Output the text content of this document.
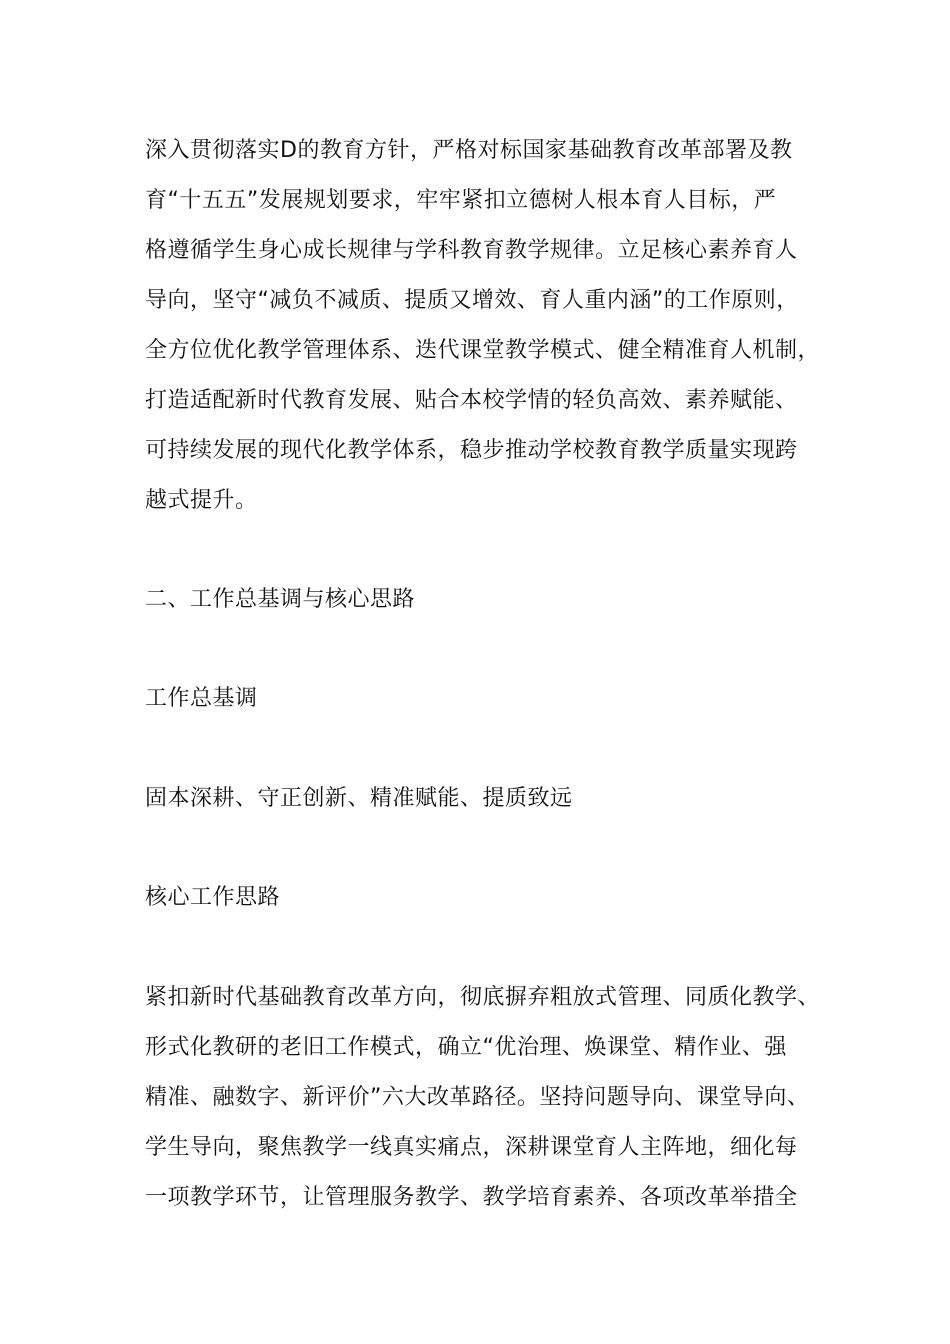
深入贯彻落实D的教育方针，严格对标国家基础教育改革部署及教
育“十五五”发展规划要求，牢牢紧扣立德树人根本育人目标，严
格遵循学生身心成长规律与学科教育教学规律。立足核心素养育人
导向，坚守“减负不减质、提质又增效、育人重内涵”的工作原则，
全方位优化教学管理体系、迭代课堂教学模式、健全精准育人机制，
打造适配新时代教育发展、贴合本校学情的轻负高效、素养赋能、
可持续发展的现代化教学体系，稳步推动学校教育教学质量实现跨
越式提升。
二、工作总基调与核心思路
工作总基调
固本深耕、守正创新、精准赋能、提质致远
核心工作思路
紧扣新时代基础教育改革方向，彻底摒弃粗放式管理、同质化教学、
形式化教研的老旧工作模式，确立“优治理、焕课堂、精作业、强
精准、融数字、新评价”六大改革路径。坚持问题导向、课堂导向、
学生导向，聚焦教学一线真实痛点，深耕课堂育人主阵地，细化每
一项教学环节，让管理服务教学、教学培育素养、各项改革举措全
